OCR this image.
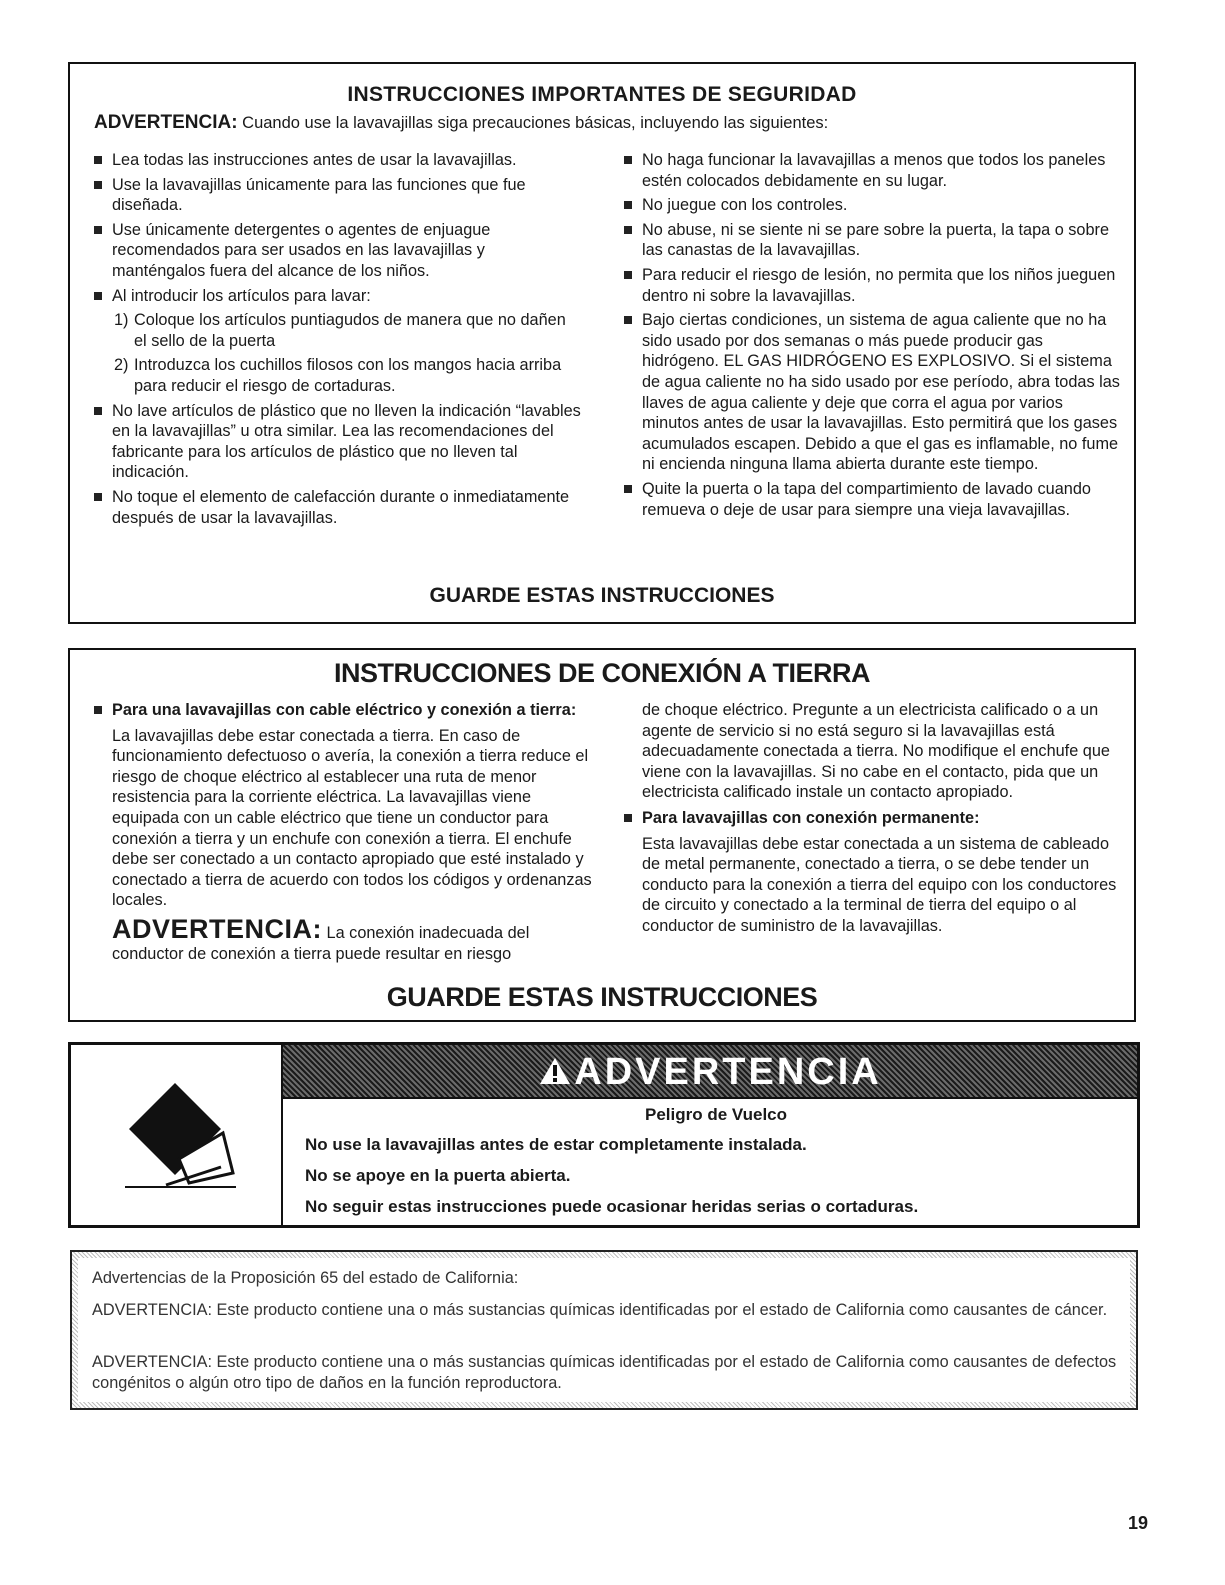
INSTRUCCIONES IMPORTANTES DE SEGURIDAD
ADVERTENCIA: Cuando use la lavavajillas siga precauciones básicas, incluyendo las siguientes:
Lea todas las instrucciones antes de usar la lavavajillas.
Use la lavavajillas únicamente para las funciones que fue diseñada.
Use únicamente detergentes o agentes de enjuague recomendados para ser usados en las lavavajillas y manténgalos fuera del alcance de los niños.
Al introducir los artículos para lavar:
1) Coloque los artículos puntiagudos de manera que no dañen el sello de la puerta
2) Introduzca los cuchillos filosos con los mangos hacia arriba para reducir el riesgo de cortaduras.
No lave artículos de plástico que no lleven la indicación “lavables en la lavavajillas” u otra similar. Lea las recomendaciones del fabricante para los artículos de plástico que no lleven tal indicación.
No toque el elemento de calefacción durante o inmediatamente después de usar la lavavajillas.
No haga funcionar la lavavajillas a menos que todos los paneles estén colocados debidamente en su lugar.
No juegue con los controles.
No abuse, ni se siente ni se pare sobre la puerta, la tapa o sobre las canastas de la lavavajillas.
Para reducir el riesgo de lesión, no permita que los niños jueguen dentro ni sobre la lavavajillas.
Bajo ciertas condiciones, un sistema de agua caliente que no ha sido usado por dos semanas o más puede producir gas hidrógeno. EL GAS HIDRÓGENO ES EXPLOSIVO. Si el sistema de agua caliente no ha sido usado por ese período, abra todas las llaves de agua caliente y deje que corra el agua por varios minutos antes de usar la lavavajillas. Esto permitirá que los gases acumulados escapen. Debido a que el gas es inflamable, no fume ni encienda ninguna llama abierta durante este tiempo.
Quite la puerta o la tapa del compartimiento de lavado cuando remueva o deje de usar para siempre una vieja lavavajillas.
GUARDE ESTAS INSTRUCCIONES
INSTRUCCIONES DE CONEXIÓN A TIERRA
Para una lavavajillas con cable eléctrico y conexión a tierra:
La lavavajillas debe estar conectada a tierra. En caso de funcionamiento defectuoso o avería, la conexión a tierra reduce el riesgo de choque eléctrico al establecer una ruta de menor resistencia para la corriente eléctrica. La lavavajillas viene equipada con un cable eléctrico que tiene un conductor para conexión a tierra y un enchufe con conexión a tierra. El enchufe debe ser conectado a un contacto apropiado que esté instalado y conectado a tierra de acuerdo con todos los códigos y ordenanzas locales.
ADVERTENCIA: La conexión inadecuada del conductor de conexión a tierra puede resultar en riesgo
de choque eléctrico. Pregunte a un electricista calificado o a un agente de servicio si no está seguro si la lavavajillas está adecuadamente conectada a tierra. No modifique el enchufe que viene con la lavavajillas. Si no cabe en el contacto, pida que un electricista calificado instale un contacto apropiado.
Para lavavajillas con conexión permanente:
Esta lavavajillas debe estar conectada a un sistema de cableado de metal permanente, conectado a tierra, o se debe tender un conducto para la conexión a tierra del equipo con los conductores de circuito y conectado a la terminal de tierra del equipo o al conductor de suministro de la lavavajillas.
GUARDE ESTAS INSTRUCCIONES
ADVERTENCIA
Peligro de Vuelco
No use la lavavajillas antes de estar completamente instalada.
No se apoye en la puerta abierta.
No seguir estas instrucciones puede ocasionar heridas serias o cortaduras.
Advertencias de la Proposición 65 del estado de California:
ADVERTENCIA: Este producto contiene una o más sustancias químicas identificadas por el estado de California como causantes de cáncer.
ADVERTENCIA: Este producto contiene una o más sustancias químicas identificadas por el estado de California como causantes de defectos congénitos o algún otro tipo de daños en la función reproductora.
19
